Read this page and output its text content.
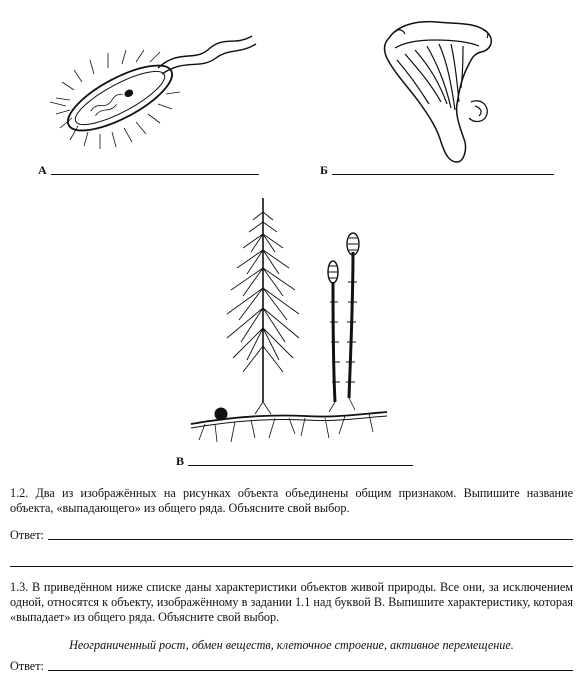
А	Б
В

1.2. Два из изображённых на рисунках объекта объединены общим признаком. Выпишите название объекта, «выпадающего» из общего ряда. Объясните свой выбор.

Ответ:

1.3. В приведённом ниже списке даны характеристики объектов живой природы. Все они, за исключением одной, относятся к объекту, изображённому в задании 1.1 над буквой В. Выпишите характеристику, которая «выпадает» из общего ряда. Объясните свой выбор.

Неограниченный рост, обмен веществ, клеточное строение, активное перемещение.
Ответ:
